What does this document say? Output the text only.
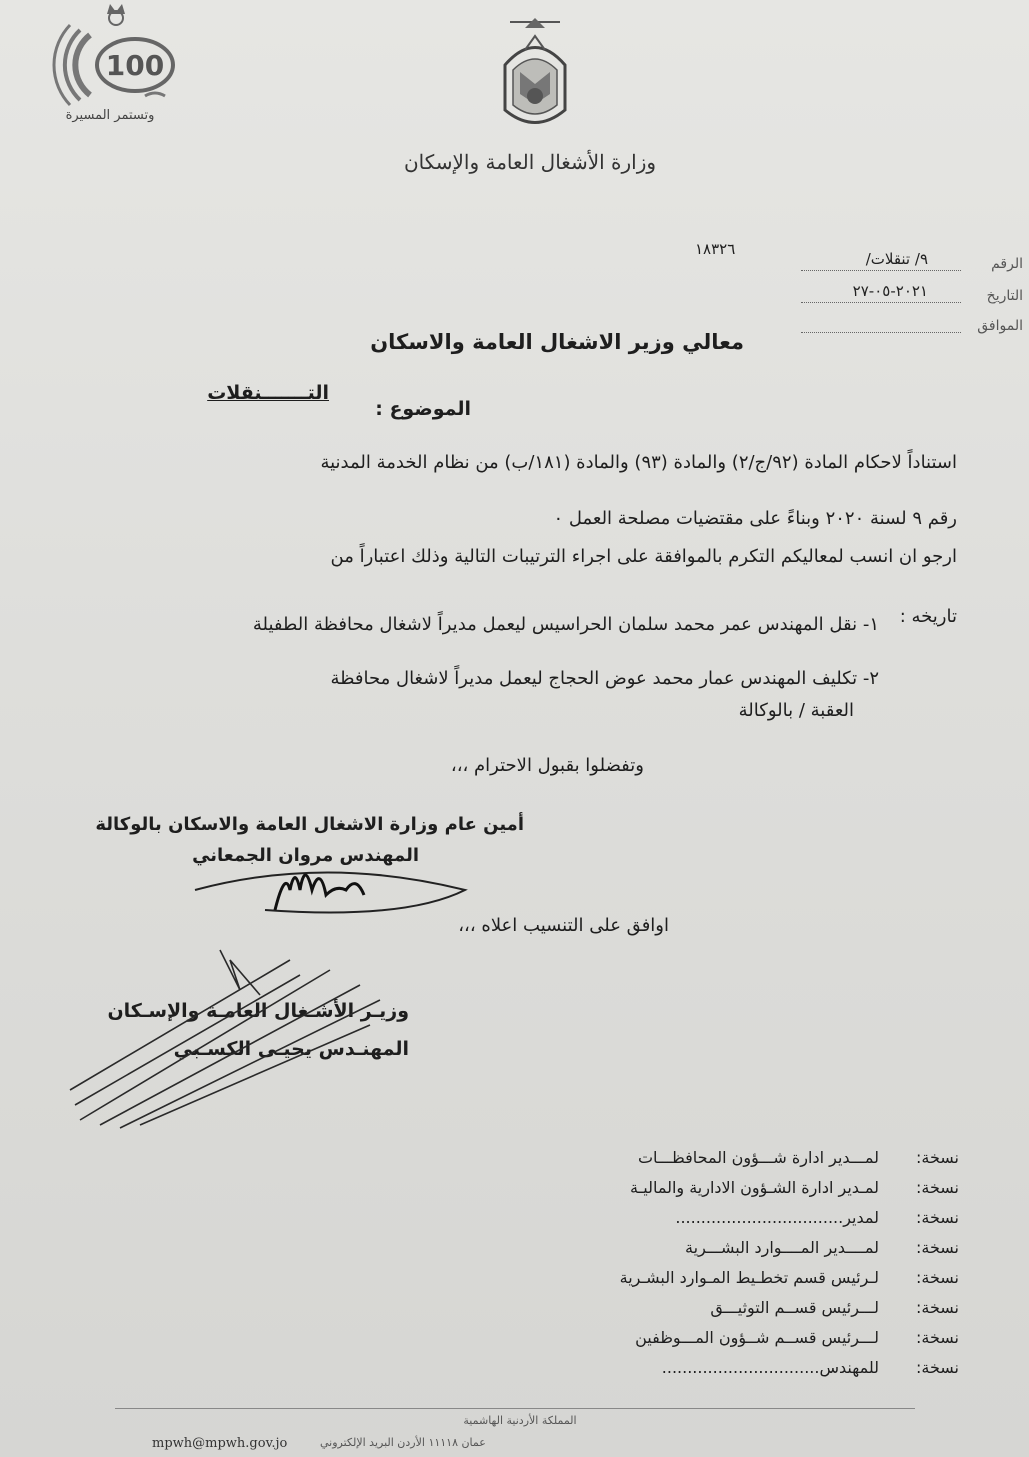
100
وتستمر المسيرة
وزارة الأشغال العامة والإسكان
١٨٣٢٦
الرقم
٩/ تنقلات/
التاريخ
٢٠٢١-٠٥-٢٧
الموافق
معالي وزير الاشغال العامة والاسكان
الموضوع :
التـــــــنقلات
استناداً لاحكام المادة (٩٢/ج/٢) والمادة (٩٣) والمادة (١٨١/ب) من نظام الخدمة المدنية
رقم ٩ لسنة ٢٠٢٠ وبناءً على مقتضيات مصلحة العمل ٠
ارجو ان انسب لمعاليكم التكرم بالموافقة على اجراء الترتيبات التالية وذلك اعتباراً من
تاريخه :
١- نقل المهندس عمر محمد سلمان الحراسيس ليعمل مديراً لاشغال محافظة الطفيلة
٢- تكليف المهندس عمار محمد عوض الحجاج ليعمل مديراً لاشغال محافظة
العقبة / بالوكالة
وتفضلوا بقبول الاحترام ،،،
أمين عام وزارة الاشغال العامة والاسكان بالوكالة
المهندس مروان الجمعاني
اوافق على التنسيب اعلاه ،،،
وزيـر الأشـغال العامـة والإسـكان
المهنـدس يحيـى الكسـبي
نسخة:
لمـــدير ادارة شـــؤون المحافظـــات
نسخة:
لمـدير ادارة الشـؤون الادارية والماليـة
نسخة:
لمدير.................................
نسخة:
لمــــدير المــــوارد البشـــرية
نسخة:
لـرئيس قسم تخطـيط المـوارد البشـرية
نسخة:
لـــرئيس قســم التوثيـــق
نسخة:
لـــرئيس قســم شــؤون المـــوظفين
نسخة:
للمهندس...............................
المملكة الأردنية الهاشمية
mpwh@mpwh.gov.jo	عمان ١١١١٨ الأردن البريد الإلكتروني
